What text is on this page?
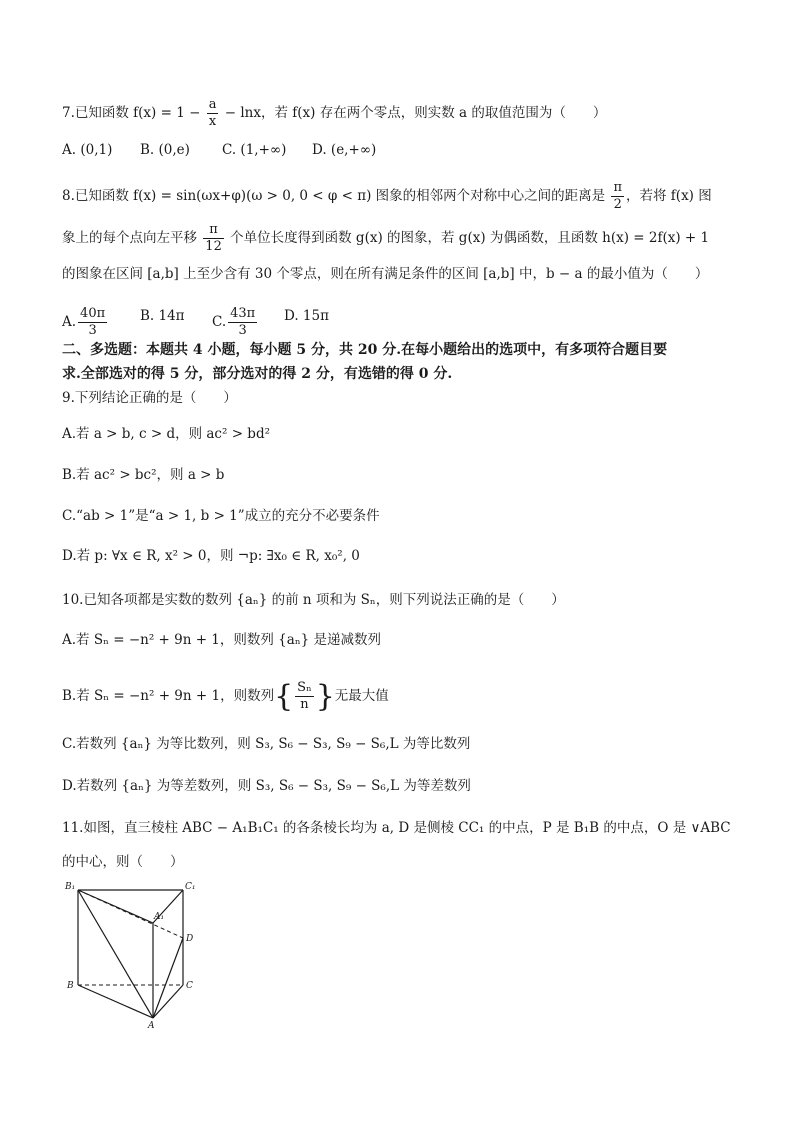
7.已知函数 $f(x) = 1 - \frac{a}{x} - \ln x$，若 f(x) 存在两个零点，则实数 a 的取值范围为（　　）
A. (0,1) B. (0,e) C. (1,+∞) D. (e,+∞)
8.已知函数 f(x) = sin(ωx+φ)(ω > 0, 0 < φ < π) 图象的相邻两个对称中心之间的距离是 $\frac{\pi}{2}$ ，若将 f(x) 图
象上的每个点向左平移 $\frac{\pi}{12}$ 个单位长度得到函数 g(x) 的图象，若 g(x) 为偶函数，且函数 h(x) = 2f(x) + 1
的图象在区间 [a,b] 上至少含有 30 个零点，则在所有满足条件的区间 [a,b] 中，b − a 的最小值为（　　）
A. $\frac{40\pi}{3} B$. 14π C. $\frac{43\pi}{3} D$. 15π
二、多选题：本题共 4 小题，每小题 5 分，共 20 分.在每小题给出的选项中，有多项符合题目要
求.全部选对的得 5 分，部分选对的得 2 分，有选错的得 0 分.
9.下列结论正确的是（　　）
A.若 a > b, c > d，则 ac² > bd²
B.若 ac² > bc²，则 a > b
C.“ab > 1”是“a > 1, b > 1”成立的充分不必要条件
D.若 p: ∀x ∈ R, x² > 0，则 ¬p: ∃x₀ ∈ R, x₀², 0
10.已知各项都是实数的数列 {aₙ} 的前 n 项和为 Sₙ，则下列说法正确的是（　　）
A.若 Sₙ = −n² + 9n + 1，则数列 {aₙ} 是递减数列
B.若 Sₙ = −n² + 9n + 1，则数列{ $\frac{\text{Sₙ}}{n}$ }无最大值
C.若数列 {aₙ} 为等比数列，则 S₃, S₆ − S₃, S₉ − S₆,L 为等比数列
D.若数列 {aₙ} 为等差数列，则 S₃, S₆ − S₃, S₉ − S₆,L 为等差数列
11.如图，直三棱柱 ABC − A₁B₁C₁ 的各条棱长均为 a, D 是侧棱 CC₁ 的中点，P 是 B₁B 的中点，O 是 ∨ABC
的中心，则（　　）
B₁	C₁
A₁
D
B	C
A
